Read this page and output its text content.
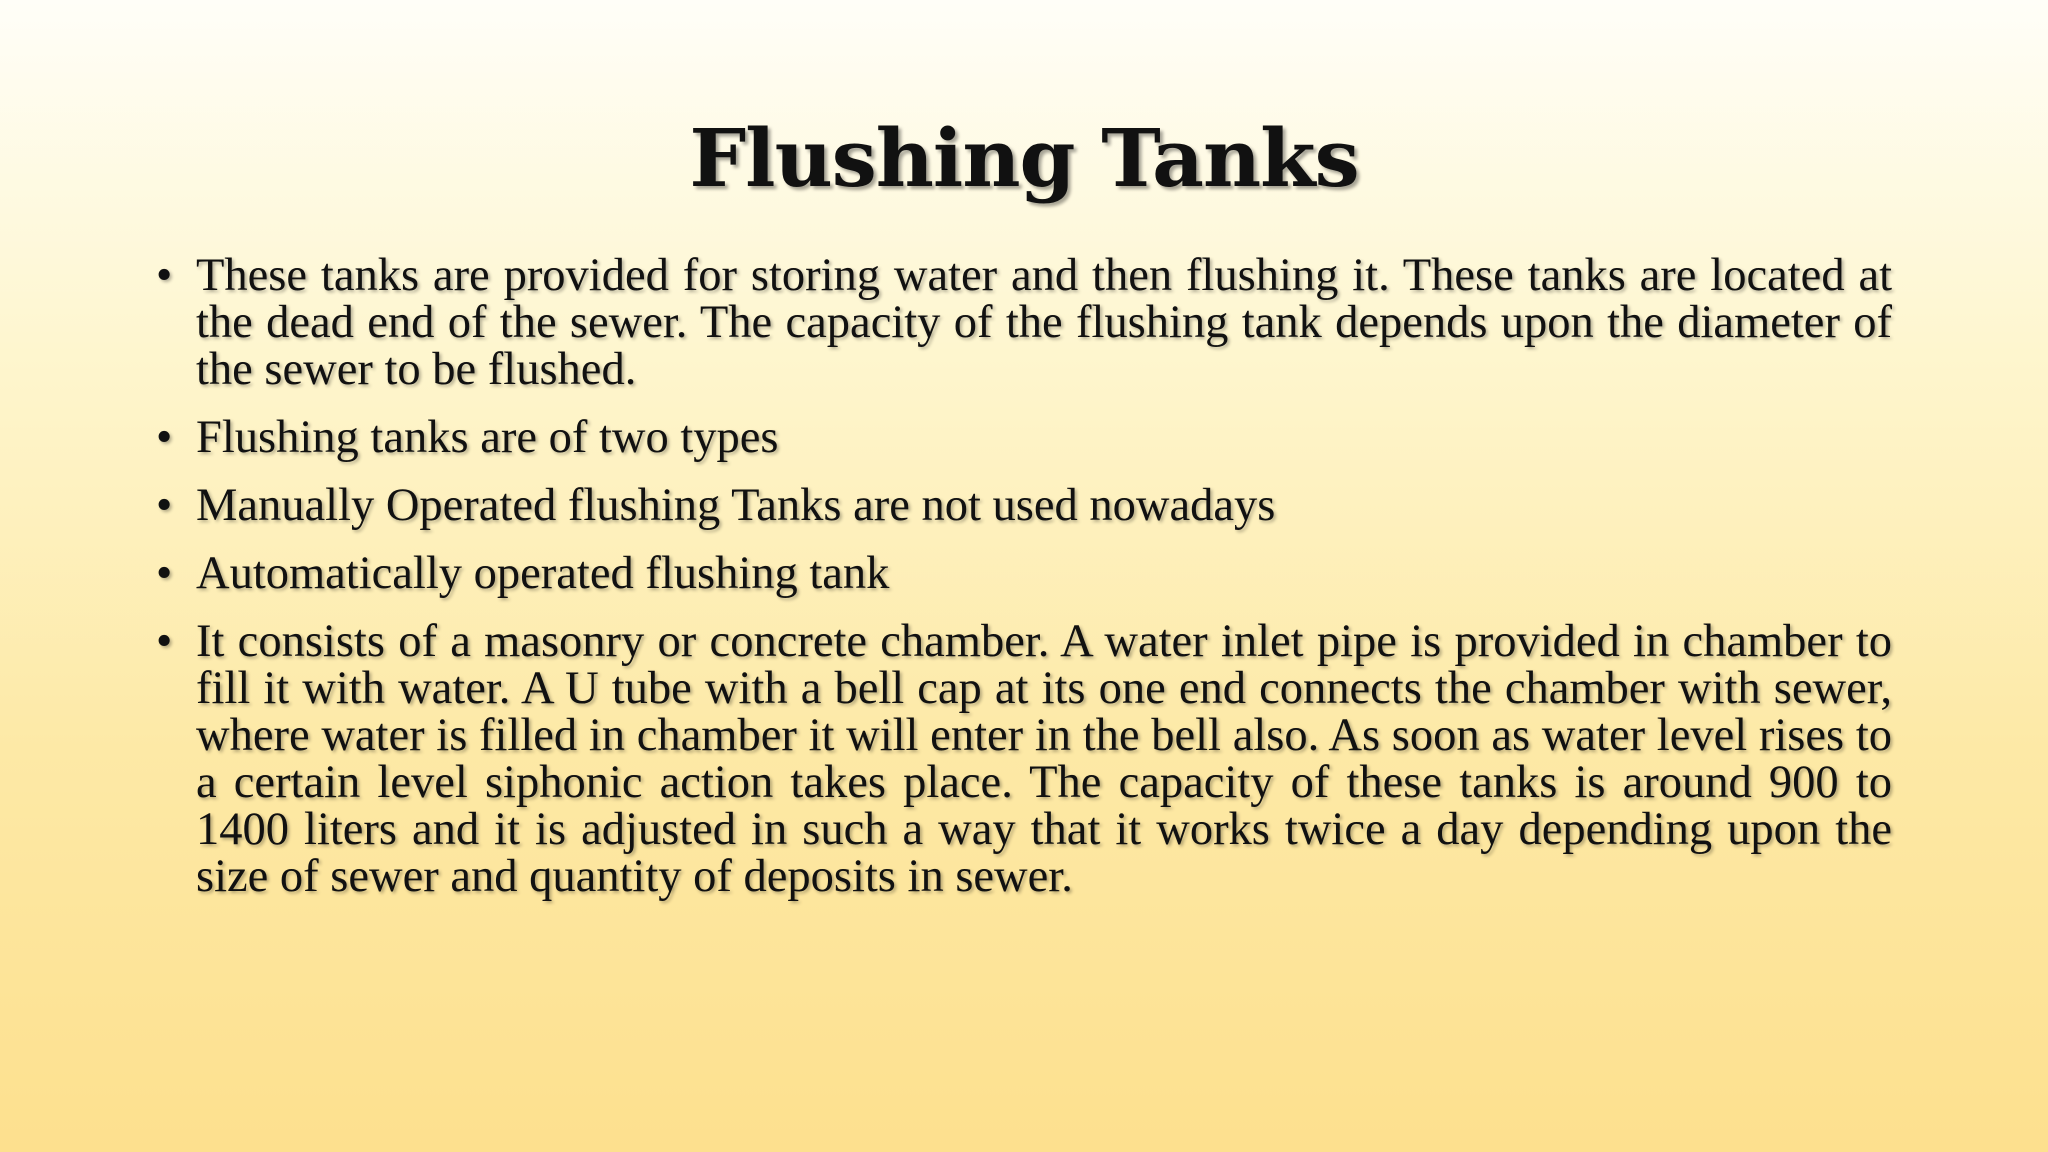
Flushing Tanks
• These tanks are provided for storing water and then flushing it. These tanks are located at the dead end of the sewer. The capacity of the flushing tank depends upon the diameter of the sewer to be flushed.
• Flushing tanks are of two types
• Manually Operated flushing Tanks are not used nowadays
• Automatically operated flushing tank
• It consists of a masonry or concrete chamber. A water inlet pipe is provided in chamber to fill it with water. A U tube with a bell cap at its one end connects the chamber with sewer, where water is filled in chamber it will enter in the bell also. As soon as water level rises to a certain level siphonic action takes place. The capacity of these tanks is around 900 to 1400 liters and it is adjusted in such a way that it works twice a day depending upon the size of sewer and quantity of deposits in sewer.
